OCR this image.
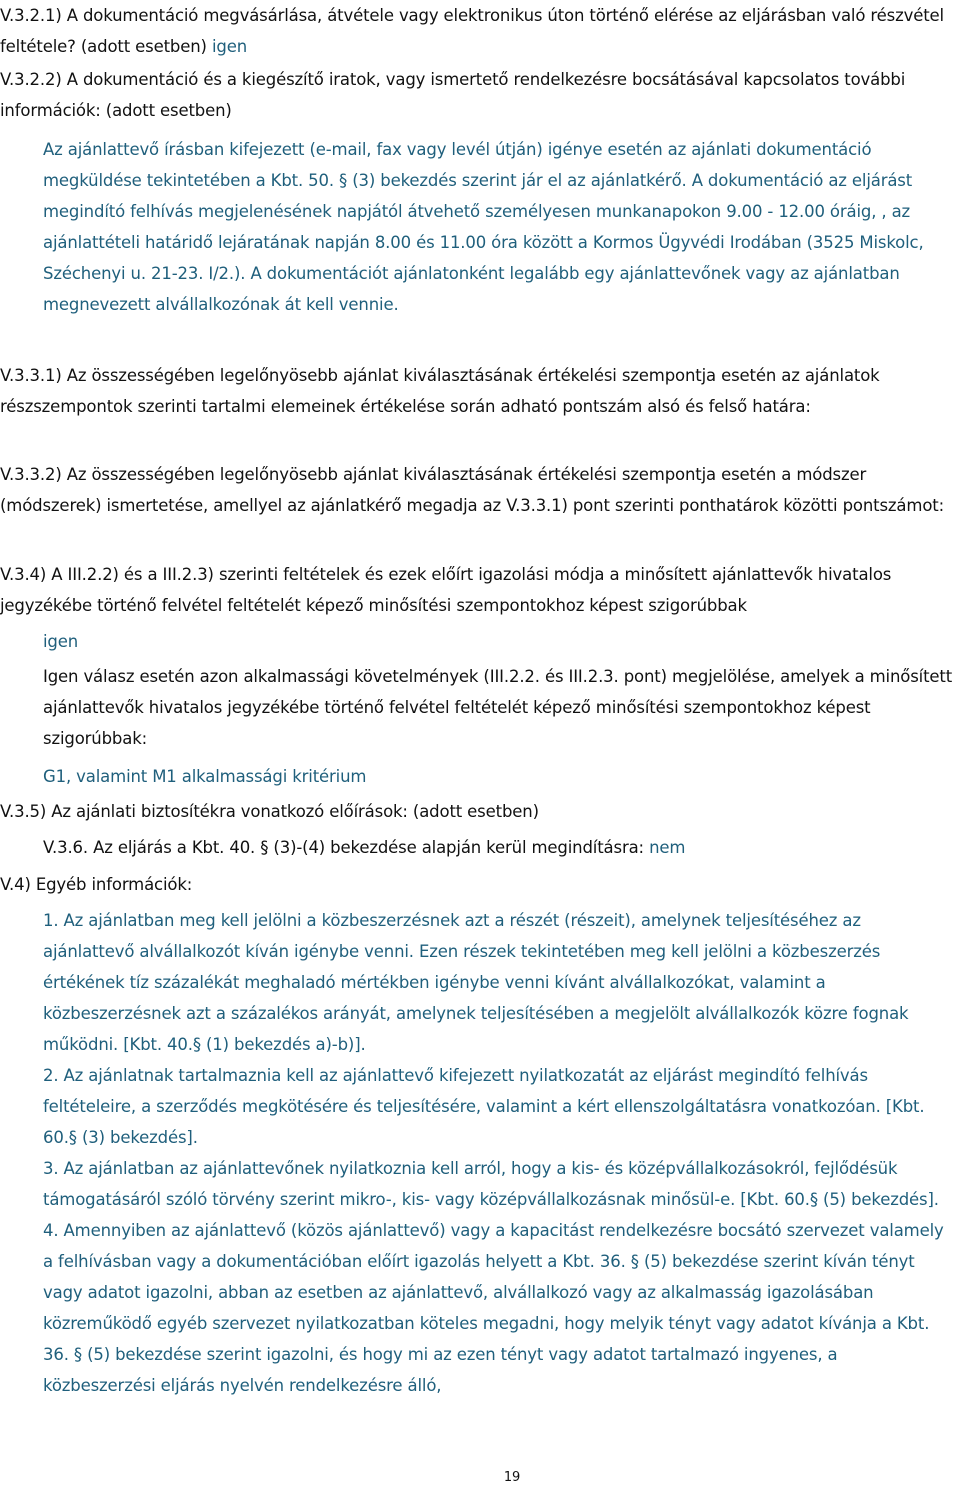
V.3.2.1) A dokumentáció megvásárlása, átvétele vagy elektronikus úton történő elérése az eljárásban való részvétel feltétele? (adott esetben) igen

V.3.2.2) A dokumentáció és a kiegészítő iratok, vagy ismertető rendelkezésre bocsátásával kapcsolatos további információk: (adott esetben)

Az ajánlattevő írásban kifejezett (e-mail, fax vagy levél útján) igénye esetén az ajánlati dokumentáció megküldése tekintetében a Kbt. 50. § (3) bekezdés szerint jár el az ajánlatkérő. A dokumentáció az eljárást megindító felhívás megjelenésének napjától átvehető személyesen munkanapokon 9.00 - 12.00 óráig, , az ajánlattételi határidő lejáratának napján 8.00 és 11.00 óra között a Kormos Ügyvédi Irodában (3525 Miskolc, Széchenyi u. 21-23. I/2.). A dokumentációt ajánlatonként legalább egy ajánlattevőnek vagy az ajánlatban megnevezett alvállalkozónak át kell vennie.

V.3.3.1) Az összességében legelőnyösebb ajánlat kiválasztásának értékelési szempontja esetén az ajánlatok részszempontok szerinti tartalmi elemeinek értékelése során adható pontszám alsó és felső határa:

V.3.3.2) Az összességében legelőnyösebb ajánlat kiválasztásának értékelési szempontja esetén a módszer (módszerek) ismertetése, amellyel az ajánlatkérő megadja az V.3.3.1) pont szerinti ponthatárok közötti pontszámot:

V.3.4) A III.2.2) és a III.2.3) szerinti feltételek és ezek előírt igazolási módja a minősített ajánlattevők hivatalos jegyzékébe történő felvétel feltételét képező minősítési szempontokhoz képest szigorúbbak

igen

Igen válasz esetén azon alkalmassági követelmények (III.2.2. és III.2.3. pont) megjelölése, amelyek a minősített ajánlattevők hivatalos jegyzékébe történő felvétel feltételét képező minősítési szempontokhoz képest szigorúbbak:

G1, valamint M1 alkalmassági kritérium

V.3.5) Az ajánlati biztosítékra vonatkozó előírások: (adott esetben)

V.3.6. Az eljárás a Kbt. 40. § (3)-(4) bekezdése alapján kerül megindításra: nem

V.4) Egyéb információk:

1. Az ajánlatban meg kell jelölni a közbeszerzésnek azt a részét (részeit), amelynek teljesítéséhez az ajánlattevő alvállalkozót kíván igénybe venni. Ezen részek tekintetében meg kell jelölni a közbeszerzés értékének tíz százalékát meghaladó mértékben igénybe venni kívánt alvállalkozókat, valamint a közbeszerzésnek azt a százalékos arányát, amelynek teljesítésében a megjelölt alvállalkozók közre fognak működni. [Kbt. 40.§ (1) bekezdés a)-b)].

2. Az ajánlatnak tartalmaznia kell az ajánlattevő kifejezett nyilatkozatát az eljárást megindító felhívás feltételeire, a szerződés megkötésére és teljesítésére, valamint a kért ellenszolgáltatásra vonatkozóan. [Kbt. 60.§ (3) bekezdés].

3. Az ajánlatban az ajánlattevőnek nyilatkoznia kell arról, hogy a kis- és középvállalkozásokról, fejlődésük támogatásáról szóló törvény szerint mikro-, kis- vagy középvállalkozásnak minősül-e. [Kbt. 60.§ (5) bekezdés].

4. Amennyiben az ajánlattevő (közös ajánlattevő) vagy a kapacitást rendelkezésre bocsátó szervezet valamely a felhívásban vagy a dokumentációban előírt igazolás helyett a Kbt. 36. § (5) bekezdése szerint kíván tényt vagy adatot igazolni, abban az esetben az ajánlattevő, alvállalkozó vagy az alkalmasság igazolásában közreműködő egyéb szervezet nyilatkozatban köteles megadni, hogy melyik tényt vagy adatot kívánja a Kbt. 36. § (5) bekezdése szerint igazolni, és hogy mi az ezen tényt vagy adatot tartalmazó ingyenes, a közbeszerzési eljárás nyelvén rendelkezésre álló,

19
